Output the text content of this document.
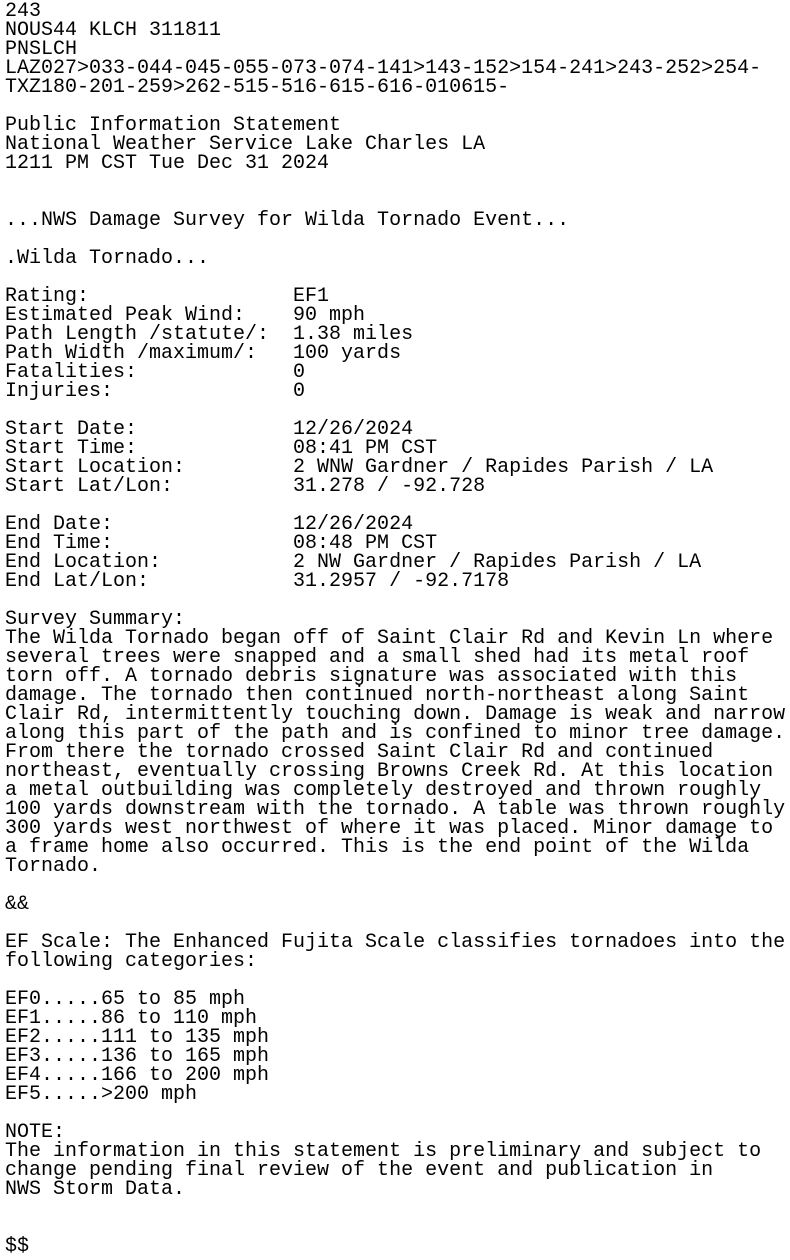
243
NOUS44 KLCH 311811
PNSLCH
LAZ027>033-044-045-055-073-074-141>143-152>154-241>243-252>254-
TXZ180-201-259>262-515-516-615-616-010615-
Public Information Statement
National Weather Service Lake Charles LA
1211 PM CST Tue Dec 31 2024
...NWS Damage Survey for Wilda Tornado Event...
.Wilda Tornado...
Rating:                 EF1
Estimated Peak Wind:    90 mph
Path Length /statute/:  1.38 miles
Path Width /maximum/:   100 yards
Fatalities:             0
Injuries:               0
Start Date:             12/26/2024
Start Time:             08:41 PM CST
Start Location:         2 WNW Gardner / Rapides Parish / LA
Start Lat/Lon:          31.278 / -92.728
End Date:               12/26/2024
End Time:               08:48 PM CST
End Location:           2 NW Gardner / Rapides Parish / LA
End Lat/Lon:            31.2957 / -92.7178
Survey Summary:
The Wilda Tornado began off of Saint Clair Rd and Kevin Ln where
several trees were snapped and a small shed had its metal roof
torn off. A tornado debris signature was associated with this
damage. The tornado then continued north-northeast along Saint
Clair Rd, intermittently touching down. Damage is weak and narrow
along this part of the path and is confined to minor tree damage.
From there the tornado crossed Saint Clair Rd and continued
northeast, eventually crossing Browns Creek Rd. At this location
a metal outbuilding was completely destroyed and thrown roughly
100 yards downstream with the tornado. A table was thrown roughly
300 yards west northwest of where it was placed. Minor damage to
a frame home also occurred. This is the end point of the Wilda
Tornado.
&&
EF Scale: The Enhanced Fujita Scale classifies tornadoes into the
following categories:
EF0.....65 to 85 mph
EF1.....86 to 110 mph
EF2.....111 to 135 mph
EF3.....136 to 165 mph
EF4.....166 to 200 mph
EF5.....>200 mph
NOTE:
The information in this statement is preliminary and subject to
change pending final review of the event and publication in
NWS Storm Data.
$$
